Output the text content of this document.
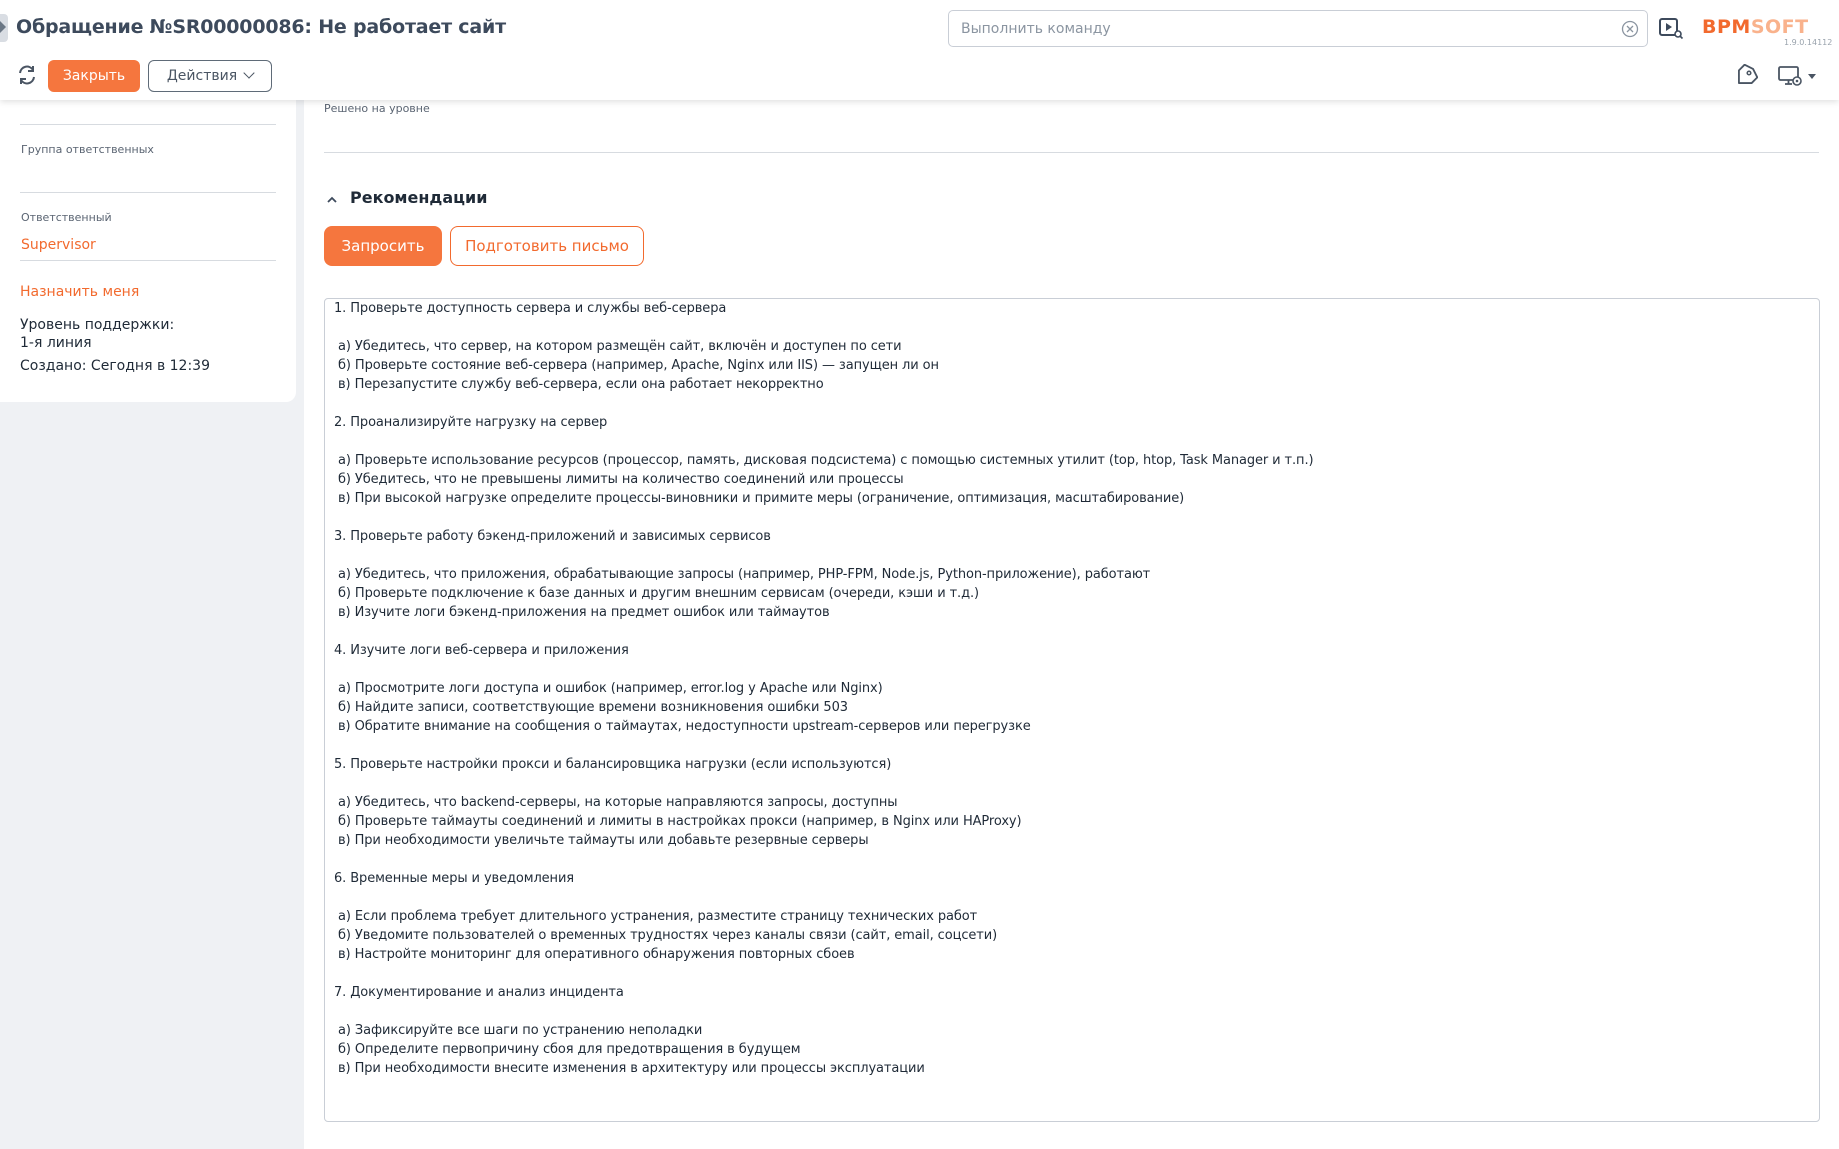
Обращение №SR00000086: Не работает сайт
Выполнить команду	BPMSOFT
1.9.0.14112
Закрыть	Действия
Группа ответственных
Ответственный
Supervisor
Назначить меня
Уровень поддержки:
1-я линия
Создано: Сегодня в 12:39
Решено на уровне
Рекомендации
Запросить	Подготовить письмо
1. Проверьте доступность сервера и службы веб-сервера
а) Убедитесь, что сервер, на котором размещён сайт, включён и доступен по сети
б) Проверьте состояние веб-сервера (например, Apache, Nginx или IIS) — запущен ли он
в) Перезапустите службу веб-сервера, если она работает некорректно
2. Проанализируйте нагрузку на сервер
а) Проверьте использование ресурсов (процессор, память, дисковая подсистема) с помощью системных утилит (top, htop, Task Manager и т.п.)
б) Убедитесь, что не превышены лимиты на количество соединений или процессы
в) При высокой нагрузке определите процессы-виновники и примите меры (ограничение, оптимизация, масштабирование)
3. Проверьте работу бэкенд-приложений и зависимых сервисов
а) Убедитесь, что приложения, обрабатывающие запросы (например, PHP-FPM, Node.js, Python-приложение), работают
б) Проверьте подключение к базе данных и другим внешним сервисам (очереди, кэши и т.д.)
в) Изучите логи бэкенд-приложения на предмет ошибок или таймаутов
4. Изучите логи веб-сервера и приложения
а) Просмотрите логи доступа и ошибок (например, error.log у Apache или Nginx)
б) Найдите записи, соответствующие времени возникновения ошибки 503
в) Обратите внимание на сообщения о таймаутах, недоступности upstream-серверов или перегрузке
5. Проверьте настройки прокси и балансировщика нагрузки (если используются)
а) Убедитесь, что backend-серверы, на которые направляются запросы, доступны
б) Проверьте таймауты соединений и лимиты в настройках прокси (например, в Nginx или HAProxy)
в) При необходимости увеличьте таймауты или добавьте резервные серверы
6. Временные меры и уведомления
а) Если проблема требует длительного устранения, разместите страницу технических работ
б) Уведомите пользователей о временных трудностях через каналы связи (сайт, email, соцсети)
в) Настройте мониторинг для оперативного обнаружения повторных сбоев
7. Документирование и анализ инцидента
а) Зафиксируйте все шаги по устранению неполадки
б) Определите первопричину сбоя для предотвращения в будущем
в) При необходимости внесите изменения в архитектуру или процессы эксплуатации
